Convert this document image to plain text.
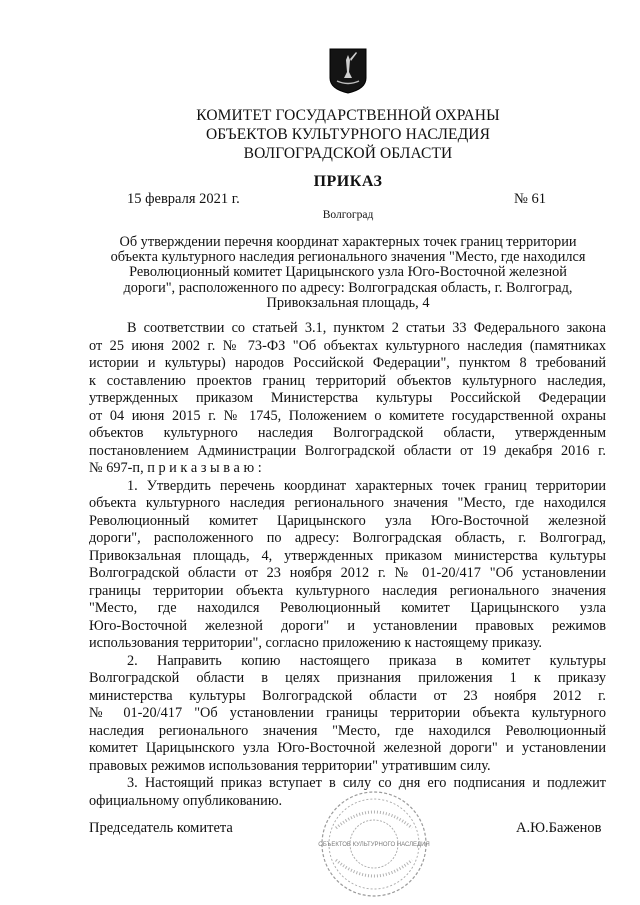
КОМИТЕТ ГОСУДАРСТВЕННОЙ ОХРАНЫ
ОБЪЕКТОВ КУЛЬТУРНОГО НАСЛЕДИЯ
ВОЛГОГРАДСКОЙ ОБЛАСТИ
ПРИКАЗ
15 февраля 2021 г.	№ 61
Волгоград
Об утверждении перечня координат характерных точек границ территории
объекта культурного наследия регионального значения "Место, где находился
Революционный комитет Царицынского узла Юго-Восточной железной
дороги", расположенного по адресу: Волгоградская область, г. Волгоград,
Привокзальная площадь, 4
В соответствии со статьей 3.1, пунктом 2 статьи 33 Федерального закона
от 25 июня 2002 г. № 73-ФЗ "Об объектах культурного наследия (памятниках
истории и культуры) народов Российской Федерации", пунктом 8 требований
к составлению проектов границ территорий объектов культурного наследия,
утвержденных приказом Министерства культуры Российской Федерации
от 04 июня 2015 г. № 1745, Положением о комитете государственной охраны
объектов культурного наследия Волгоградской области, утвержденным
постановлением Администрации Волгоградской области от 19 декабря 2016 г.
№ 697-п, п р и к а з ы в а ю :
1. Утвердить перечень координат характерных точек границ территории
объекта культурного наследия регионального значения "Место, где находился
Революционный комитет Царицынского узла Юго-Восточной железной
дороги", расположенного по адресу: Волгоградская область, г. Волгоград,
Привокзальная площадь, 4, утвержденных приказом министерства культуры
Волгоградской области от 23 ноября 2012 г. № 01-20/417 "Об установлении
границы территории объекта культурного наследия регионального значения
"Место, где находился Революционный комитет Царицынского узла
Юго-Восточной железной дороги" и установлении правовых режимов
использования территории", согласно приложению к настоящему приказу.
2. Направить копию настоящего приказа в комитет культуры
Волгоградской области в целях признания приложения 1 к приказу
министерства культуры Волгоградской области от 23 ноября 2012 г.
№ 01-20/417 "Об установлении границы территории объекта культурного
наследия регионального значения "Место, где находился Революционный
комитет Царицынского узла Юго-Восточной железной дороги" и установлении
правовых режимов использования территории" утратившим силу.
3. Настоящий приказ вступает в силу со дня его подписания и подлежит
официальному опубликованию.
ОБЪЕКТОВ КУЛЬТУРНОГО НАСЛЕДИЯ
Председатель комитета	А.Ю.Баженов
